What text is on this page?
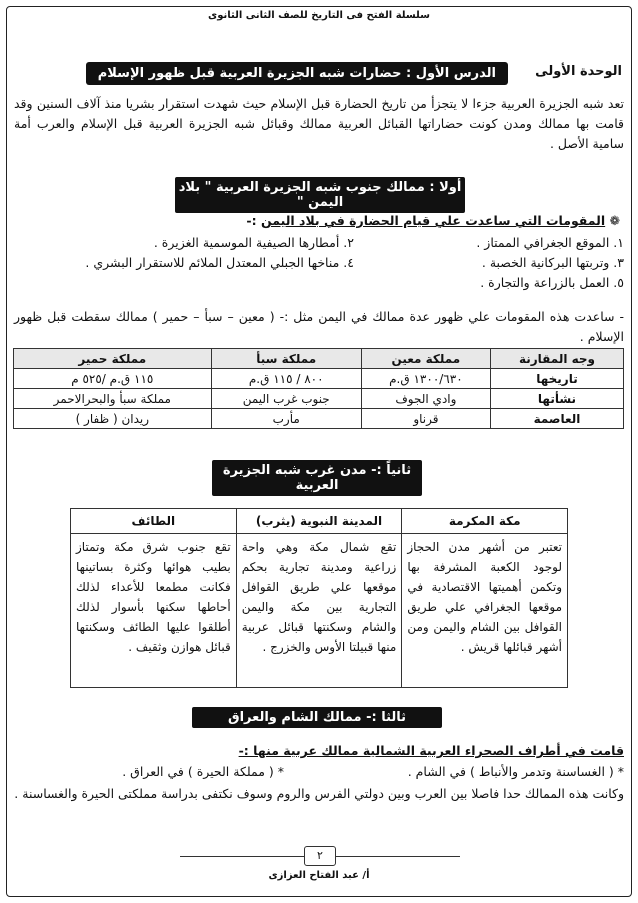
سلسلة الفتح فى التاريخ للصف الثانى الثانوى
الوحدة الأولى
الدرس الأول : حضارات شبه الجزيرة العربية قبل ظهور الإسلام

تعد شبه الجزيرة العربية جزءا لا يتجزأ من تاريخ الحضارة قبل الإسلام حيث شهدت استقرار بشريا منذ آلاف السنين وقد قامت بها ممالك ومدن كونت حضاراتها القبائل العربية ممالك وقبائل شبه الجزيرة العربية قبل الإسلام والعرب أمة سامية الأصل .

أولا : ممالك جنوب شبه الجزيرة العربية " بلاد اليمن "
❁ المقومات التي ساعدت علي قيام الحضارة في بلاد اليمن :-
١. الموقع الجغرافي الممتاز .
٢. أمطارها الصيفية الموسمية الغزيرة .
٣. وتربتها البركانية الخصبة .
٤. مناخها الجبلي المعتدل الملائم للاستقرار البشري .
٥. العمل بالزراعة والتجارة .

- ساعدت هذه المقومات علي ظهور عدة ممالك في اليمن مثل :- ( معين – سبأ – حمير ) ممالك سقطت قبل ظهور الإسلام .

وجه المقارنة	مملكة معين	مملكة سبأ	مملكة حمير
تاريخها	١٣٠٠/٦٣٠ ق.م	٨٠٠ / ١١٥ ق.م	١١٥ ق.م /٥٢٥ م
نشأتها	وادي الجوف	جنوب غرب اليمن	مملكة سبأ والبحرالاحمر
العاصمة	قرناو	مأرب	ريدان ( ظفار )
ثانياً :- مدن غرب شبه الجزيرة العربية
مكة المكرمة	المدينة النبوية (يثرب)	الطائف
تعتبر من أشهر مدن الحجاز لوجود الكعبة المشرفة بها وتكمن أهميتها الاقتصادية في موقعها الجغرافي علي طريق القوافل بين الشام واليمن ومن أشهر قبائلها قريش .	تقع شمال مكة وهي واحة زراعية ومدينة تجارية بحكم موقعها علي طريق القوافل التجارية بين مكة واليمن والشام وسكنتها قبائل عربية منها قبيلتا الأوس والخزرج .	تقع جنوب شرق مكة وتمتاز بطيب هوائها وكثرة بساتينها فكانت مطمعا للأعداء لذلك أحاطها سكنها بأسوار لذلك أطلقوا عليها الطائف وسكنتها قبائل هوازن وثقيف .
ثالثا :- ممالك الشام والعراق
قامت في أطراف الصحراء العربية الشمالية ممالك عربية منها :-
* ( الغساسنة وتدمر والأنباط ) في الشام .
* ( مملكة الحيرة ) في العراق .

وكانت هذه الممالك حدا فاصلا بين العرب وبين دولتي الفرس والروم وسوف نكتفى بدراسة مملكتى الحيرة والغساسنة .

٢
أ/ عبد الفتاح العزازى
